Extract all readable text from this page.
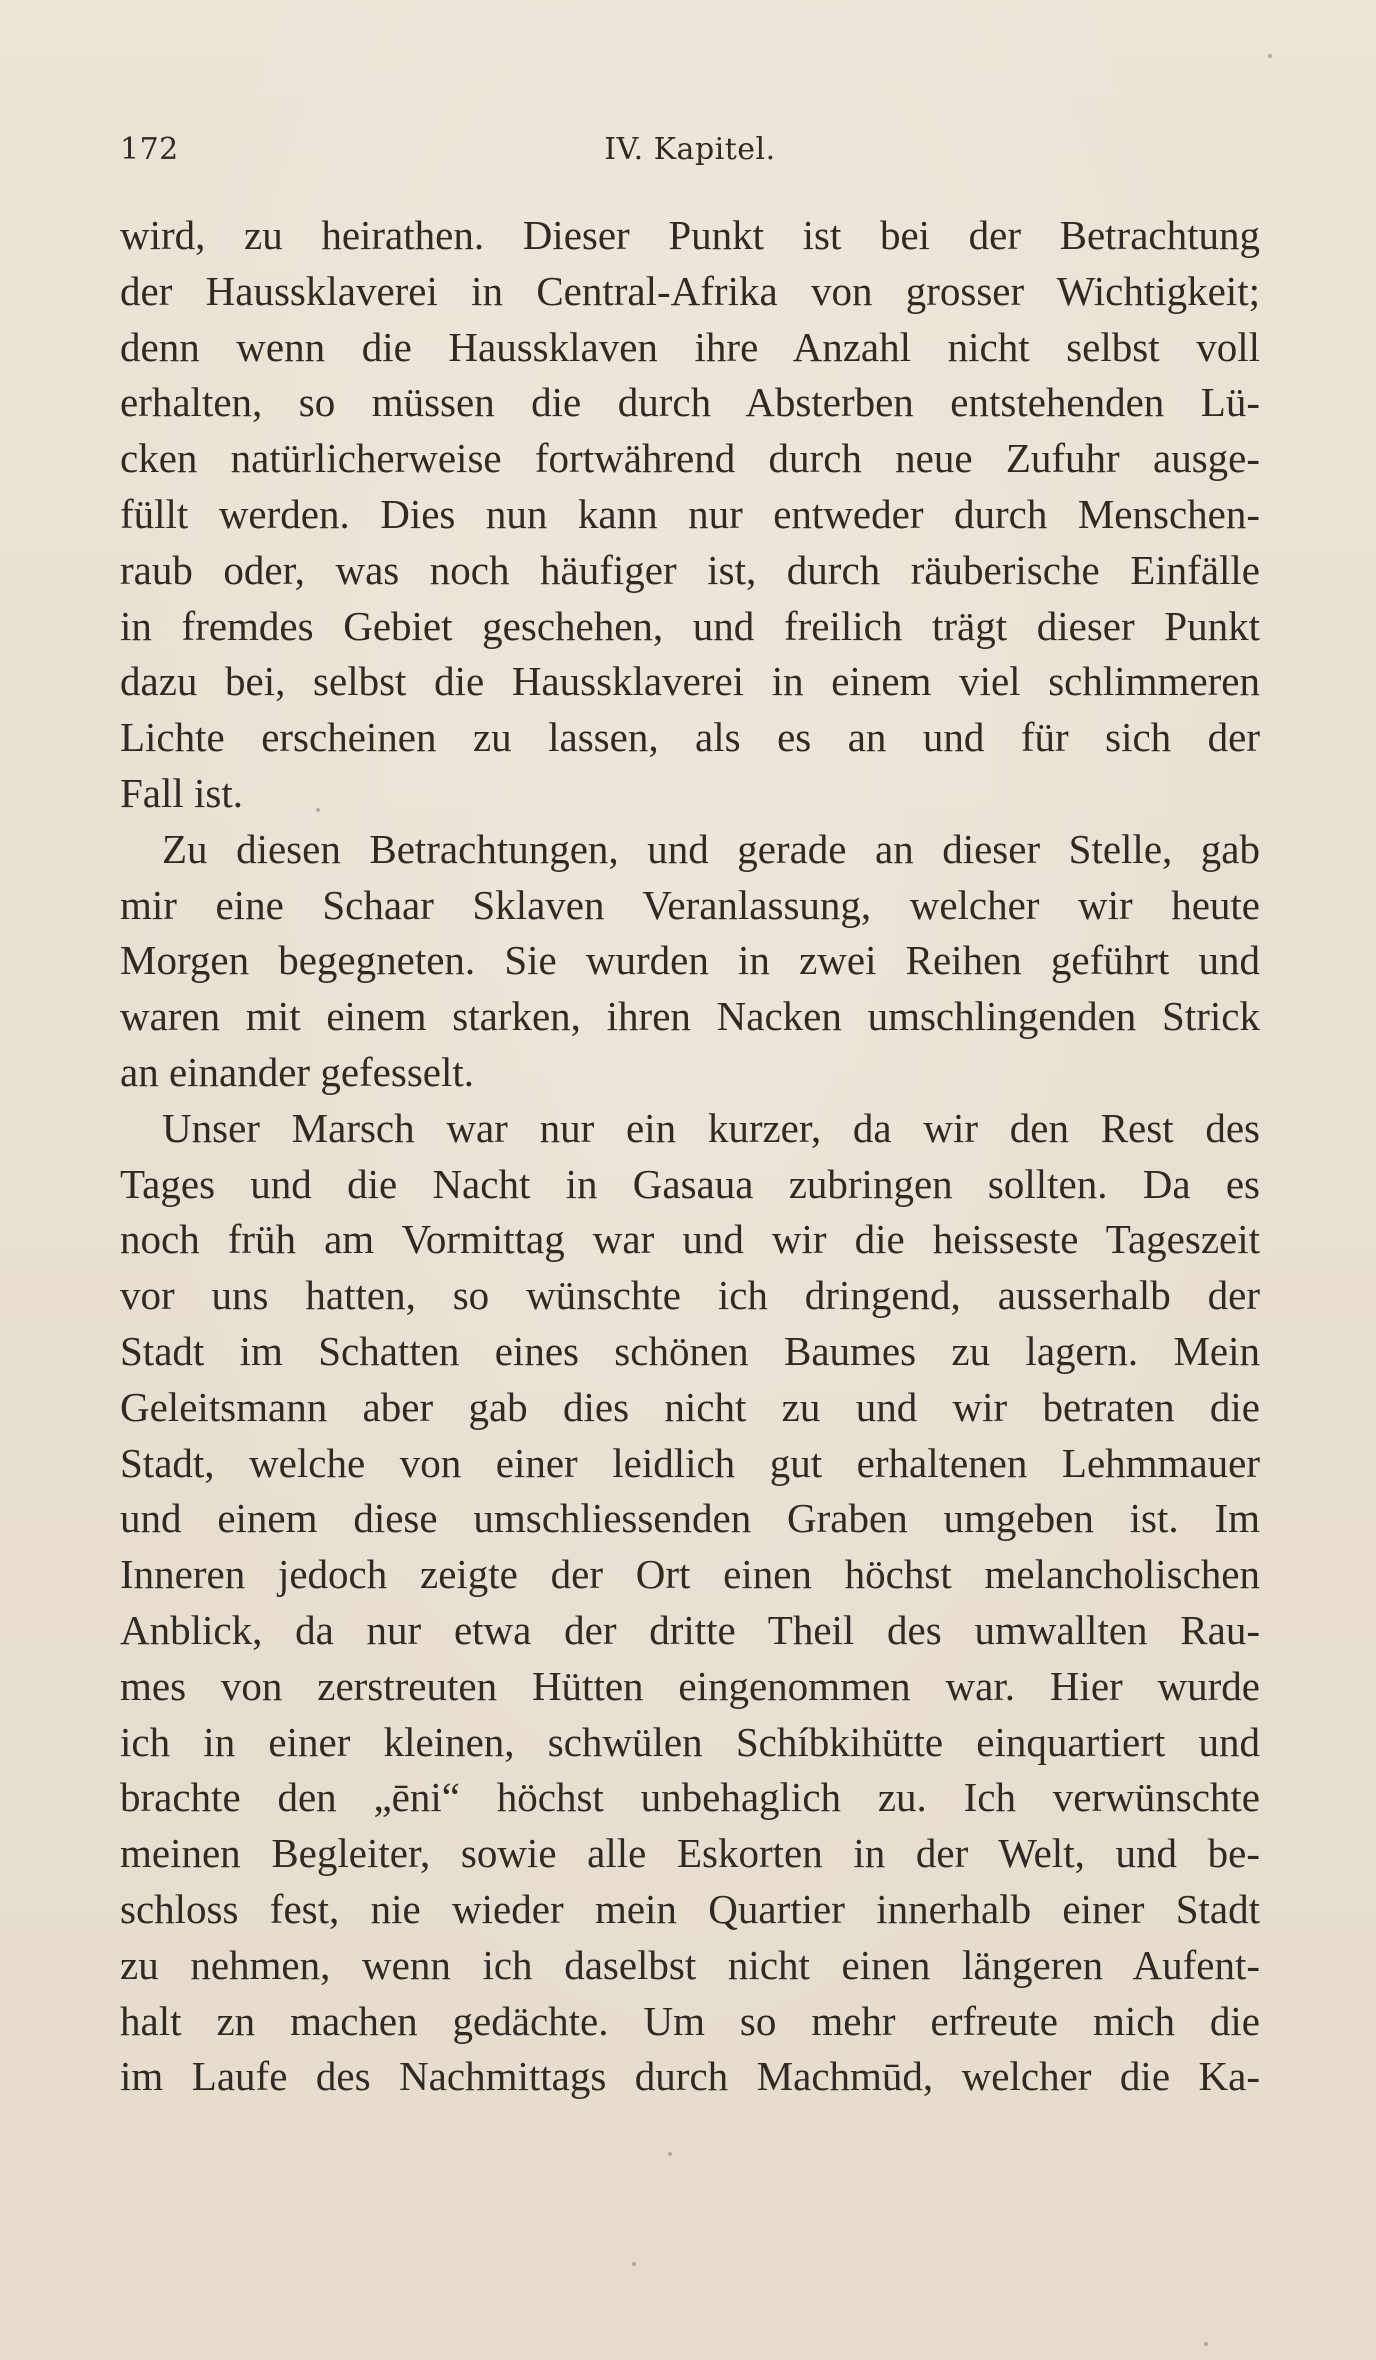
172	IV. Kapitel.
wird, zu heirathen. Dieser Punkt ist bei der Betrachtung
der Haussklaverei in Central-Afrika von grosser Wichtigkeit;
denn wenn die Haussklaven ihre Anzahl nicht selbst voll
erhalten, so müssen die durch Absterben entstehenden Lü-
cken natürlicherweise fortwährend durch neue Zufuhr ausge-
füllt werden. Dies nun kann nur entweder durch Menschen-
raub oder, was noch häufiger ist, durch räuberische Einfälle
in fremdes Gebiet geschehen, und freilich trägt dieser Punkt
dazu bei, selbst die Haussklaverei in einem viel schlimmeren
Lichte erscheinen zu lassen, als es an und für sich der
Fall ist.
Zu diesen Betrachtungen, und gerade an dieser Stelle, gab
mir eine Schaar Sklaven Veranlassung, welcher wir heute
Morgen begegneten. Sie wurden in zwei Reihen geführt und
waren mit einem starken, ihren Nacken umschlingenden Strick
an einander gefesselt.
Unser Marsch war nur ein kurzer, da wir den Rest des
Tages und die Nacht in Gasaua zubringen sollten. Da es
noch früh am Vormittag war und wir die heisseste Tageszeit
vor uns hatten, so wünschte ich dringend, ausserhalb der
Stadt im Schatten eines schönen Baumes zu lagern. Mein
Geleitsmann aber gab dies nicht zu und wir betraten die
Stadt, welche von einer leidlich gut erhaltenen Lehmmauer
und einem diese umschliessenden Graben umgeben ist. Im
Inneren jedoch zeigte der Ort einen höchst melancholischen
Anblick, da nur etwa der dritte Theil des umwallten Rau-
mes von zerstreuten Hütten eingenommen war. Hier wurde
ich in einer kleinen, schwülen Schíbkihütte einquartiert und
brachte den „ēni“ höchst unbehaglich zu. Ich verwünschte
meinen Begleiter, sowie alle Eskorten in der Welt, und be-
schloss fest, nie wieder mein Quartier innerhalb einer Stadt
zu nehmen, wenn ich daselbst nicht einen längeren Aufent-
halt zn machen gedächte. Um so mehr erfreute mich die
im Laufe des Nachmittags durch Machmūd, welcher die Ka-
